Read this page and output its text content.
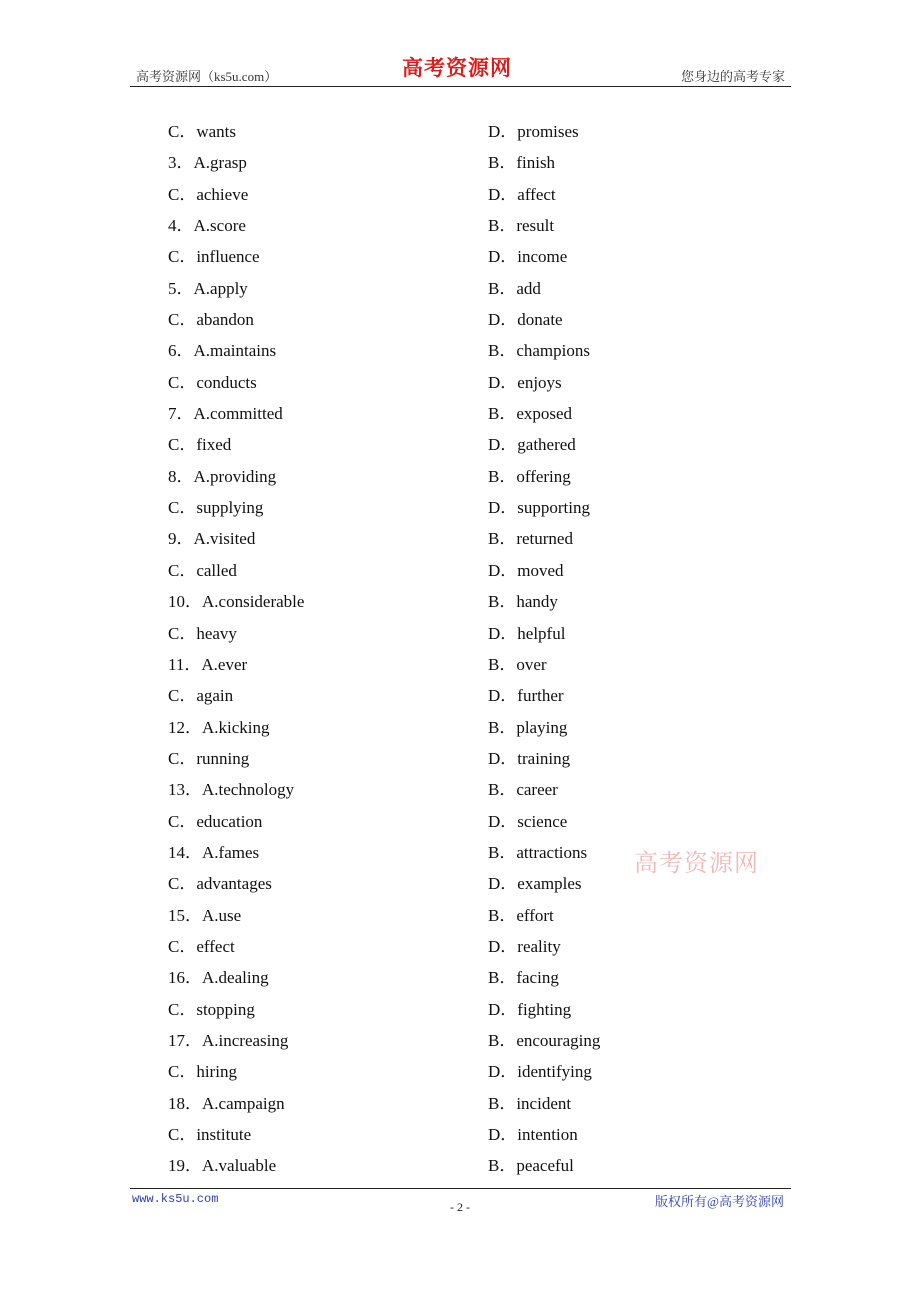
高考资源网（ks5u.com）	高考资源网	您身边的高考专家
C．wants	D．promises
3．A.grasp	B．finish
C．achieve	D．affect
4．A.score	B．result
C．influence	D．income
5．A.apply	B．add
C．abandon	D．donate
6．A.maintains	B．champions
C．conducts	D．enjoys
7．A.committed	B．exposed
C．fixed	D．gathered
8．A.providing	B．offering
C．supplying	D．supporting
9．A.visited	B．returned
C．called	D．moved
10．A.considerable	B．handy
C．heavy	D．helpful
11．A.ever	B．over
C．again	D．further
12．A.kicking	B．playing
C．running	D．training
13．A.technology	B．career
C．education	D．science
14．A.fames	B．attractions
C．advantages	D．examples
15．A.use	B．effort
C．effect	D．reality
16．A.dealing	B．facing
C．stopping	D．fighting
17．A.increasing	B．encouraging
C．hiring	D．identifying
18．A.campaign	B．incident
C．institute	D．intention
19．A.valuable	B．peaceful
高考资源网
www.ks5u.com
- 2 -	版权所有@高考资源网
